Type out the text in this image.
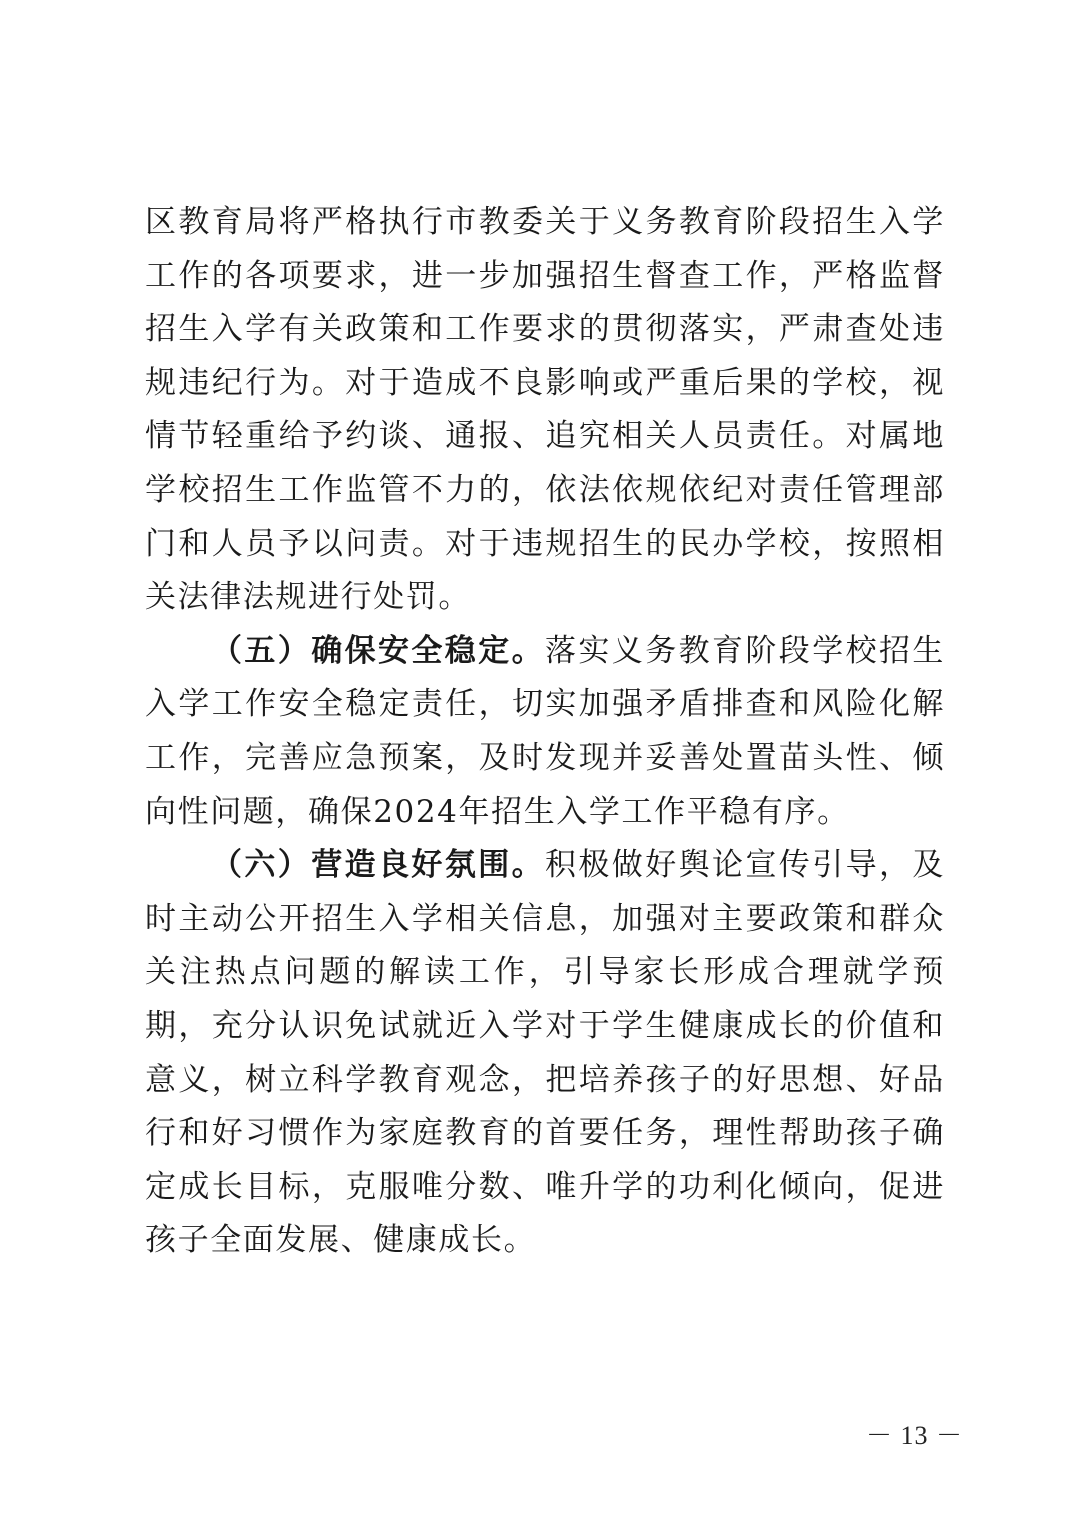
区教育局将严格执行市教委关于义务教育阶段招生入学工作的各项要求，进一步加强招生督查工作，严格监督招生入学有关政策和工作要求的贯彻落实，严肃查处违规违纪行为。对于造成不良影响或严重后果的学校，视情节轻重给予约谈、通报、追究相关人员责任。对属地学校招生工作监管不力的，依法依规依纪对责任管理部门和人员予以问责。对于违规招生的民办学校，按照相关法律法规进行处罚。

（五）确保安全稳定。落实义务教育阶段学校招生入学工作安全稳定责任，切实加强矛盾排查和风险化解工作，完善应急预案，及时发现并妥善处置苗头性、倾向性问题，确保2024年招生入学工作平稳有序。

（六）营造良好氛围。积极做好舆论宣传引导，及时主动公开招生入学相关信息，加强对主要政策和群众关注热点问题的解读工作，引导家长形成合理就学预期，充分认识免试就近入学对于学生健康成长的价值和意义，树立科学教育观念，把培养孩子的好思想、好品行和好习惯作为家庭教育的首要任务，理性帮助孩子确定成长目标，克服唯分数、唯升学的功利化倾向，促进孩子全面发展、健康成长。

－ 13 －
